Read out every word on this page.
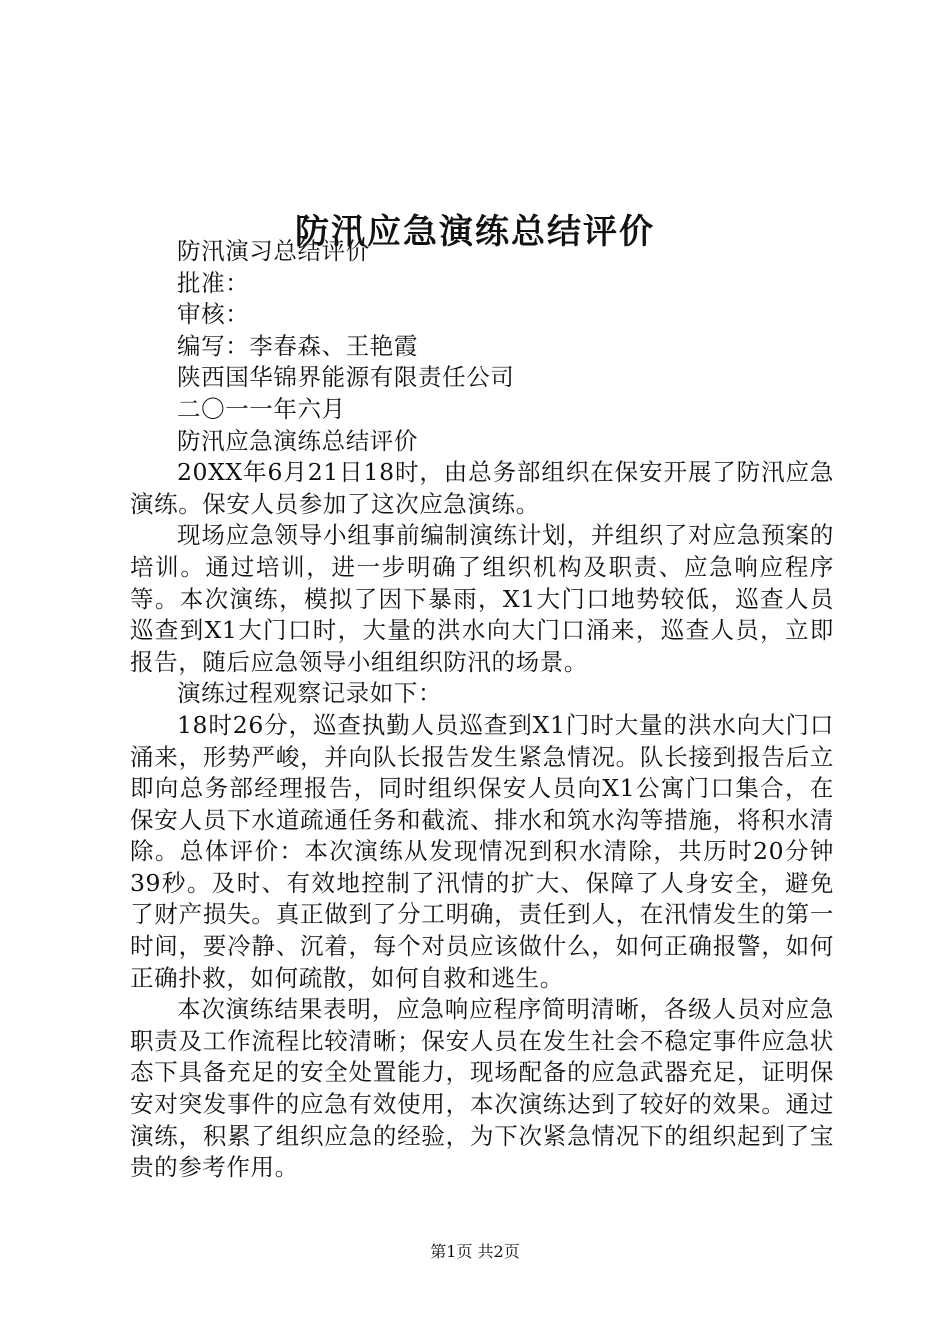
防汛应急演练总结评价

防汛演习总结评价

批准：

审核：

编写：李春森、王艳霞

陕西国华锦界能源有限责任公司

二〇一一年六月

防汛应急演练总结评价

20XX年6月21日18时，由总务部组织在保安开展了防汛应急演练。保安人员参加了这次应急演练。

现场应急领导小组事前编制演练计划，并组织了对应急预案的培训。通过培训，进一步明确了组织机构及职责、应急响应程序等。本次演练，模拟了因下暴雨，X1大门口地势较低，巡查人员巡查到X1大门口时，大量的洪水向大门口涌来，巡查人员，立即报告，随后应急领导小组组织防汛的场景。

演练过程观察记录如下：

18时26分，巡查执勤人员巡查到X1门时大量的洪水向大门口涌来，形势严峻，并向队长报告发生紧急情况。队长接到报告后立即向总务部经理报告，同时组织保安人员向X1公寓门口集合，在保安人员下水道疏通任务和截流、排水和筑水沟等措施，将积水清除。总体评价：本次演练从发现情况到积水清除，共历时20分钟39秒。及时、有效地控制了汛情的扩大、保障了人身安全，避免了财产损失。真正做到了分工明确，责任到人，在汛情发生的第一时间，要冷静、沉着，每个对员应该做什么，如何正确报警，如何正确扑救，如何疏散，如何自救和逃生。

本次演练结果表明，应急响应程序简明清晰，各级人员对应急职责及工作流程比较清晰；保安人员在发生社会不稳定事件应急状态下具备充足的安全处置能力，现场配备的应急武器充足，证明保安对突发事件的应急有效使用，本次演练达到了较好的效果。通过演练，积累了组织应急的经验，为下次紧急情况下的组织起到了宝贵的参考作用。

第1页 共2页
